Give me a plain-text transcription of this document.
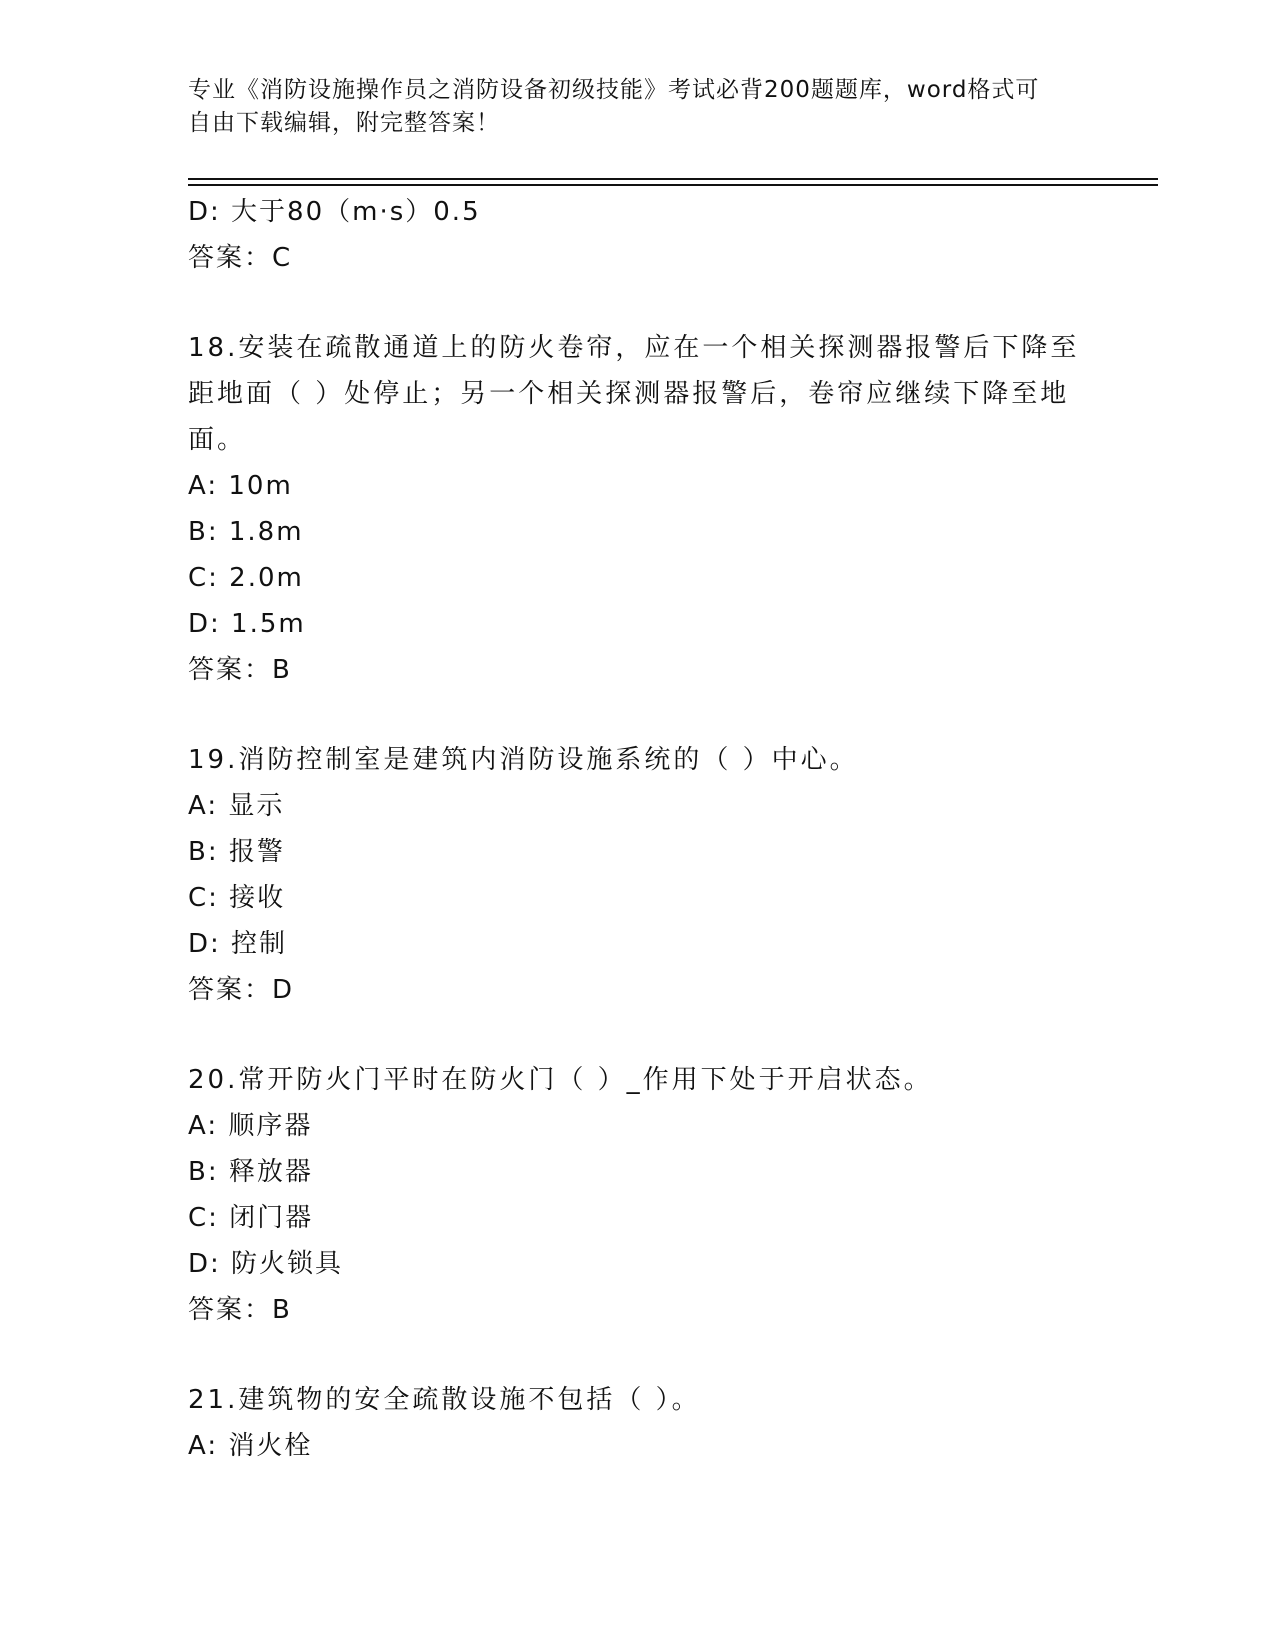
专业《消防设施操作员之消防设备初级技能》考试必背200题题库，word格式可
自由下载编辑，附完整答案！
D: 大于80（m·s）0.5
答案：C
18.安装在疏散通道上的防火卷帘，应在一个相关探测器报警后下降至距地面（ ）处停止；另一个相关探测器报警后，卷帘应继续下降至地面。
A: 10m
B: 1.8m
C: 2.0m
D: 1.5m
答案：B
19.消防控制室是建筑内消防设施系统的（ ）中心。
A: 显示
B: 报警
C: 接收
D: 控制
答案：D
20.常开防火门平时在防火门（ ）_作用下处于开启状态。
A: 顺序器
B: 释放器
C: 闭门器
D: 防火锁具
答案：B
21.建筑物的安全疏散设施不包括（ ）。
A: 消火栓
